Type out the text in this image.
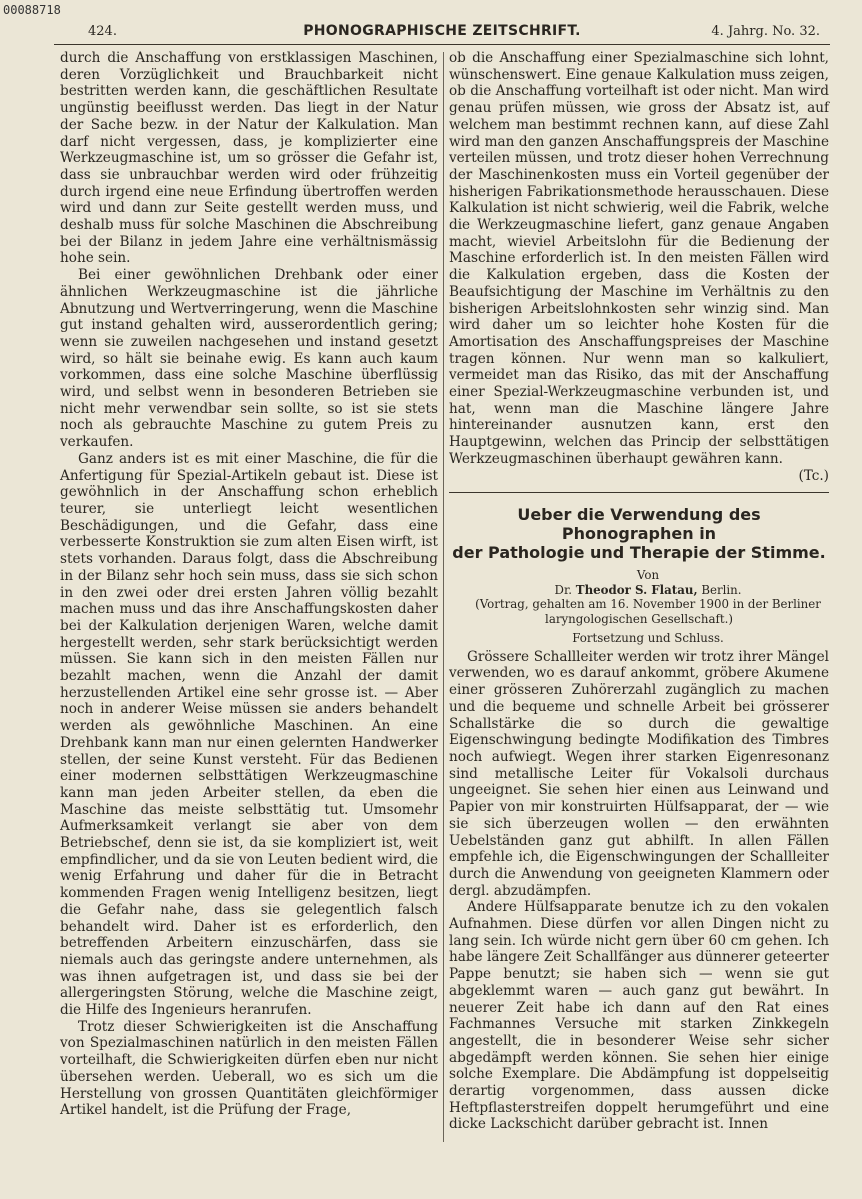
00088718
424.	PHONOGRAPHISCHE ZEITSCHRIFT.	4. Jahrg. No. 32.

durch die Anschaffung von erstklassigen Maschinen, deren Vorzüglichkeit und Brauchbarkeit nicht bestritten werden kann, die geschäftlichen Resultate ungünstig beeiflusst werden. Das liegt in der Natur der Sache bezw. in der Natur der Kalkulation. Man darf nicht vergessen, dass, je komplizierter eine Werkzeugmaschine ist, um so grösser die Gefahr ist, dass sie unbrauchbar werden wird oder frühzeitig durch irgend eine neue Erfindung übertroffen werden wird und dann zur Seite gestellt werden muss, und deshalb muss für solche Maschinen die Abschreibung bei der Bilanz in jedem Jahre eine verhältnismässig hohe sein.

Bei einer gewöhnlichen Drehbank oder einer ähnlichen Werkzeugmaschine ist die jährliche Abnutzung und Wertverringerung, wenn die Maschine gut instand gehalten wird, ausserordentlich gering; wenn sie zuweilen nachgesehen und instand gesetzt wird, so hält sie beinahe ewig. Es kann auch kaum vorkommen, dass eine solche Maschine überflüssig wird, und selbst wenn in besonderen Betrieben sie nicht mehr verwendbar sein sollte, so ist sie stets noch als gebrauchte Maschine zu gutem Preis zu verkaufen.

Ganz anders ist es mit einer Maschine, die für die Anfertigung für Spezial-Artikeln gebaut ist. Diese ist gewöhnlich in der Anschaffung schon erheblich teurer, sie unterliegt leicht wesentlichen Beschädigungen, und die Gefahr, dass eine verbesserte Konstruktion sie zum alten Eisen wirft, ist stets vorhanden. Daraus folgt, dass die Abschreibung in der Bilanz sehr hoch sein muss, dass sie sich schon in den zwei oder drei ersten Jahren völlig bezahlt machen muss und das ihre Anschaffungskosten daher bei der Kalkulation derjenigen Waren, welche damit hergestellt werden, sehr stark berücksichtigt werden müssen. Sie kann sich in den meisten Fällen nur bezahlt machen, wenn die Anzahl der damit herzustellenden Artikel eine sehr grosse ist. — Aber noch in anderer Weise müssen sie anders behandelt werden als gewöhnliche Maschinen. An eine Drehbank kann man nur einen gelernten Handwerker stellen, der seine Kunst versteht. Für das Bedienen einer modernen selbsttätigen Werkzeugmaschine kann man jeden Arbeiter stellen, da eben die Maschine das meiste selbsttätig tut. Umsomehr Aufmerksamkeit verlangt sie aber von dem Betriebschef, denn sie ist, da sie kompliziert ist, weit empfindlicher, und da sie von Leuten bedient wird, die wenig Erfahrung und daher für die in Betracht kommenden Fragen wenig Intelligenz besitzen, liegt die Gefahr nahe, dass sie gelegentlich falsch behandelt wird. Daher ist es erforderlich, den betreffenden Arbeitern einzuschärfen, dass sie niemals auch das geringste andere unternehmen, als was ihnen aufgetragen ist, und dass sie bei der allergeringsten Störung, welche die Maschine zeigt, die Hilfe des Ingenieurs heranrufen.

Trotz dieser Schwierigkeiten ist die Anschaffung von Spezialmaschinen natürlich in den meisten Fällen vorteilhaft, die Schwierigkeiten dürfen eben nur nicht übersehen werden. Ueberall, wo es sich um die Herstellung von grossen Quantitäten gleichförmiger Artikel handelt, ist die Prüfung der Frage,

ob die Anschaffung einer Spezialmaschine sich lohnt, wünschenswert. Eine genaue Kalkulation muss zeigen, ob die Anschaffung vorteilhaft ist oder nicht. Man wird genau prüfen müssen, wie gross der Absatz ist, auf welchem man bestimmt rechnen kann, auf diese Zahl wird man den ganzen Anschaffungspreis der Maschine verteilen müssen, und trotz dieser hohen Verrechnung der Maschinenkosten muss ein Vorteil gegenüber der hisherigen Fabrikationsmethode herausschauen. Diese Kalkulation ist nicht schwierig, weil die Fabrik, welche die Werkzeugmaschine liefert, ganz genaue Angaben macht, wieviel Arbeitslohn für die Bedienung der Maschine erforderlich ist. In den meisten Fällen wird die Kalkulation ergeben, dass die Kosten der Beaufsichtigung der Maschine im Verhältnis zu den bisherigen Arbeitslohnkosten sehr winzig sind. Man wird daher um so leichter hohe Kosten für die Amortisation des Anschaffungspreises der Maschine tragen können. Nur wenn man so kalkuliert, vermeidet man das Risiko, das mit der Anschaffung einer Spezial-Werkzeugmaschine verbunden ist, und hat, wenn man die Maschine längere Jahre hintereinander ausnutzen kann, erst den Hauptgewinn, welchen das Princip der selbsttätigen Werkzeugmaschinen überhaupt gewähren kann.

(Tc.)

Ueber die Verwendung des Phonographen in
der Pathologie und Therapie der Stimme.

Von

Dr. Theodor S. Flatau, Berlin.

(Vortrag, gehalten am 16. November 1900 in der Berliner laryngologischen Gesellschaft.)

Fortsetzung und Schluss.

Grössere Schallleiter werden wir trotz ihrer Mängel verwenden, wo es darauf ankommt, gröbere Akumene einer grösseren Zuhörerzahl zugänglich zu machen und die bequeme und schnelle Arbeit bei grösserer Schallstärke die so durch die gewaltige Eigenschwingung bedingte Modifikation des Timbres noch aufwiegt. Wegen ihrer starken Eigenresonanz sind metallische Leiter für Vokalsoli durchaus ungeeignet. Sie sehen hier einen aus Leinwand und Papier von mir konstruirten Hülfsapparat, der — wie sie sich überzeugen wollen — den erwähnten Uebelständen ganz gut abhilft. In allen Fällen empfehle ich, die Eigenschwingungen der Schallleiter durch die Anwendung von geeigneten Klammern oder dergl. abzudämpfen.

Andere Hülfsapparate benutze ich zu den vokalen Aufnahmen. Diese dürfen vor allen Dingen nicht zu lang sein. Ich würde nicht gern über 60 cm gehen. Ich habe längere Zeit Schallfänger aus dünnerer geteerter Pappe benutzt; sie haben sich — wenn sie gut abgeklemmt waren — auch ganz gut bewährt. In neuerer Zeit habe ich dann auf den Rat eines Fachmannes Versuche mit starken Zinkkegeln angestellt, die in besonderer Weise sehr sicher abgedämpft werden können. Sie sehen hier einige solche Exemplare. Die Abdämpfung ist doppelseitig derartig vorgenommen, dass aussen dicke Heftpflasterstreifen doppelt herumgeführt und eine dicke Lackschicht darüber gebracht ist. Innen
